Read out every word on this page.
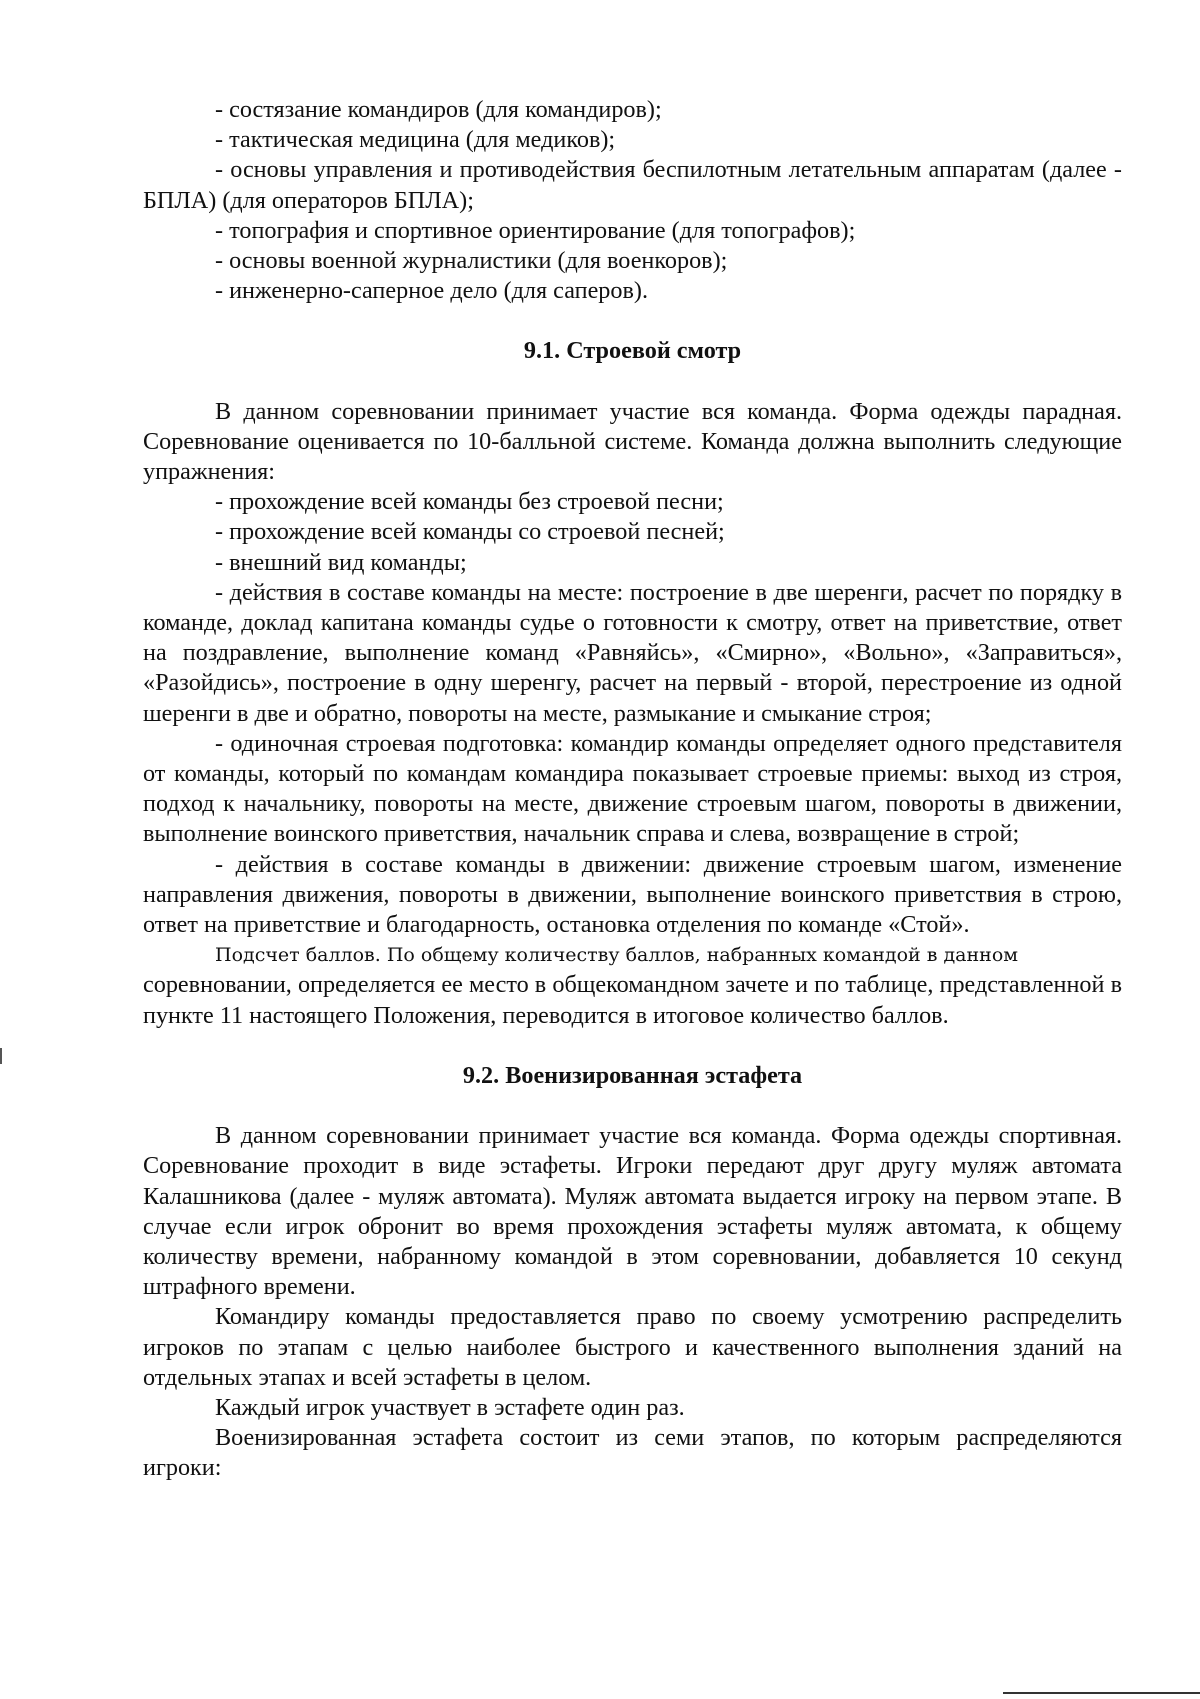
- состязание командиров (для командиров);

- тактическая медицина (для медиков);

- основы управления и противодействия беспилотным летательным аппаратам (далее - БПЛА) (для операторов БПЛА);

- топография и спортивное ориентирование (для топографов);

- основы военной журналистики (для военкоров);

- инженерно-саперное дело (для саперов).

9.1. Строевой смотр

В данном соревновании принимает участие вся команда. Форма одежды парадная. Соревнование оценивается по 10-балльной системе. Команда должна выполнить следующие упражнения:

- прохождение всей команды без строевой песни;

- прохождение всей команды со строевой песней;

- внешний вид команды;

- действия в составе команды на месте: построение в две шеренги, расчет по порядку в команде, доклад капитана команды судье о готовности к смотру, ответ на приветствие, ответ на поздравление, выполнение команд «Равняйсь», «Смирно», «Вольно», «Заправиться», «Разойдись», построение в одну шеренгу, расчет на первый - второй, перестроение из одной шеренги в две и обратно, повороты на месте, размыкание и смыкание строя;

- одиночная строевая подготовка: командир команды определяет одного представителя от команды, который по командам командира показывает строевые приемы: выход из строя, подход к начальнику, повороты на месте, движение строевым шагом, повороты в движении, выполнение воинского приветствия, начальник справа и слева, возвращение в строй;

- действия в составе команды в движении: движение строевым шагом, изменение направления движения, повороты в движении, выполнение воинского приветствия в строю, ответ на приветствие и благодарность, остановка отделения по команде «Стой».

Подсчет баллов. По общему количеству баллов, набранных командой в данном

соревновании, определяется ее место в общекомандном зачете и по таблице, представленной в пункте 11 настоящего Положения, переводится в итоговое количество баллов.

9.2. Военизированная эстафета

В данном соревновании принимает участие вся команда. Форма одежды спортивная. Соревнование проходит в виде эстафеты. Игроки передают друг другу муляж автомата Калашникова (далее - муляж автомата). Муляж автомата выдается игроку на первом этапе. В случае если игрок обронит во время прохождения эстафеты муляж автомата, к общему количеству времени, набранному командой в этом соревновании, добавляется 10 секунд штрафного времени.

Командиру команды предоставляется право по своему усмотрению распределить игроков по этапам с целью наиболее быстрого и качественного выполнения зданий на отдельных этапах и всей эстафеты в целом.

Каждый игрок участвует в эстафете один раз.

Военизированная эстафета состоит из семи этапов, по которым распределяются игроки:
